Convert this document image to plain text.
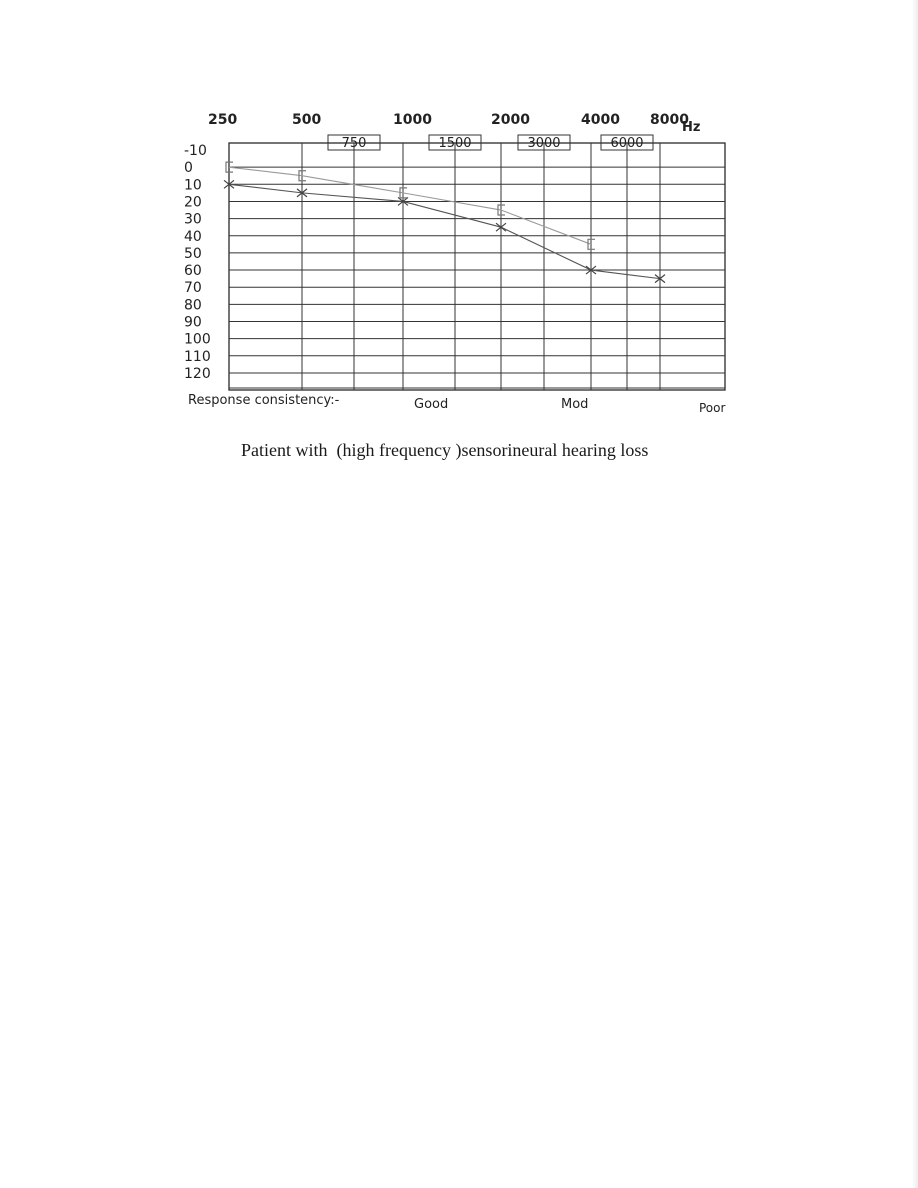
250	500	1000	2000	4000 8000
Hz
750	1500	3000	6000
-10
0
10
20
30
40
50
60
70
80
90
100
110
120
Response consistency:-	Good	Mod	Poor
Patient with  (high frequency )sensorineural hearing loss
